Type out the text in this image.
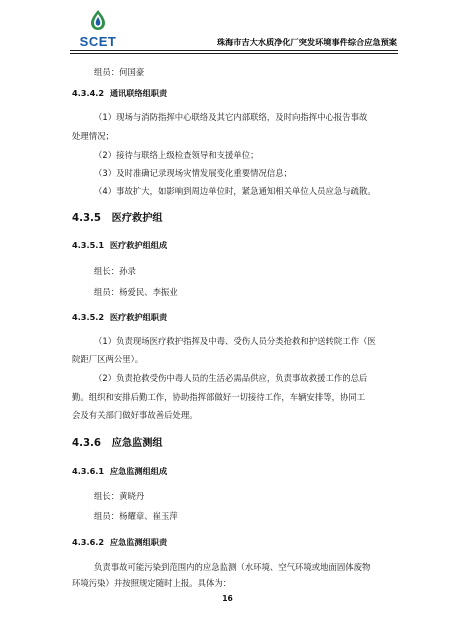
SCET	珠海市吉大水质净化厂突发环境事件综合应急预案
组员：何国豪
4.3.4.2 通讯联络组职责
（1）现场与消防指挥中心联络及其它内部联络，及时向指挥中心报告事故
处理情况；
（2）接待与联络上级检查领导和支援单位；
（3）及时准确记录现场灾情发展变化重要情况信息；
（4）事故扩大，如影响到周边单位时，紧急通知相关单位人员应急与疏散。
4.3.5 医疗救护组
4.3.5.1 医疗救护组组成
组长：孙录
组员：杨爱民、李振业
4.3.5.2 医疗救护组职责
（1）负责现场医疗救护指挥及中毒、受伤人员分类抢救和护送转院工作（医
院距厂区两公里）。
（2）负责抢救受伤中毒人员的生活必需品供应，负责事故救援工作的总后
勤。组织和安排后勤工作，协助指挥部做好一切接待工作，车辆安排等，协同工
会及有关部门做好事故善后处理。
4.3.6 应急监测组
4.3.6.1 应急监测组组成
组长：黄晓丹
组员：杨耀章、崔玉萍
4.3.6.2 应急监测组职责
负责事故可能污染到范围内的应急监测（水环境、空气环境或地面固体废物
环境污染）并按照规定随时上报。具体为：
16
